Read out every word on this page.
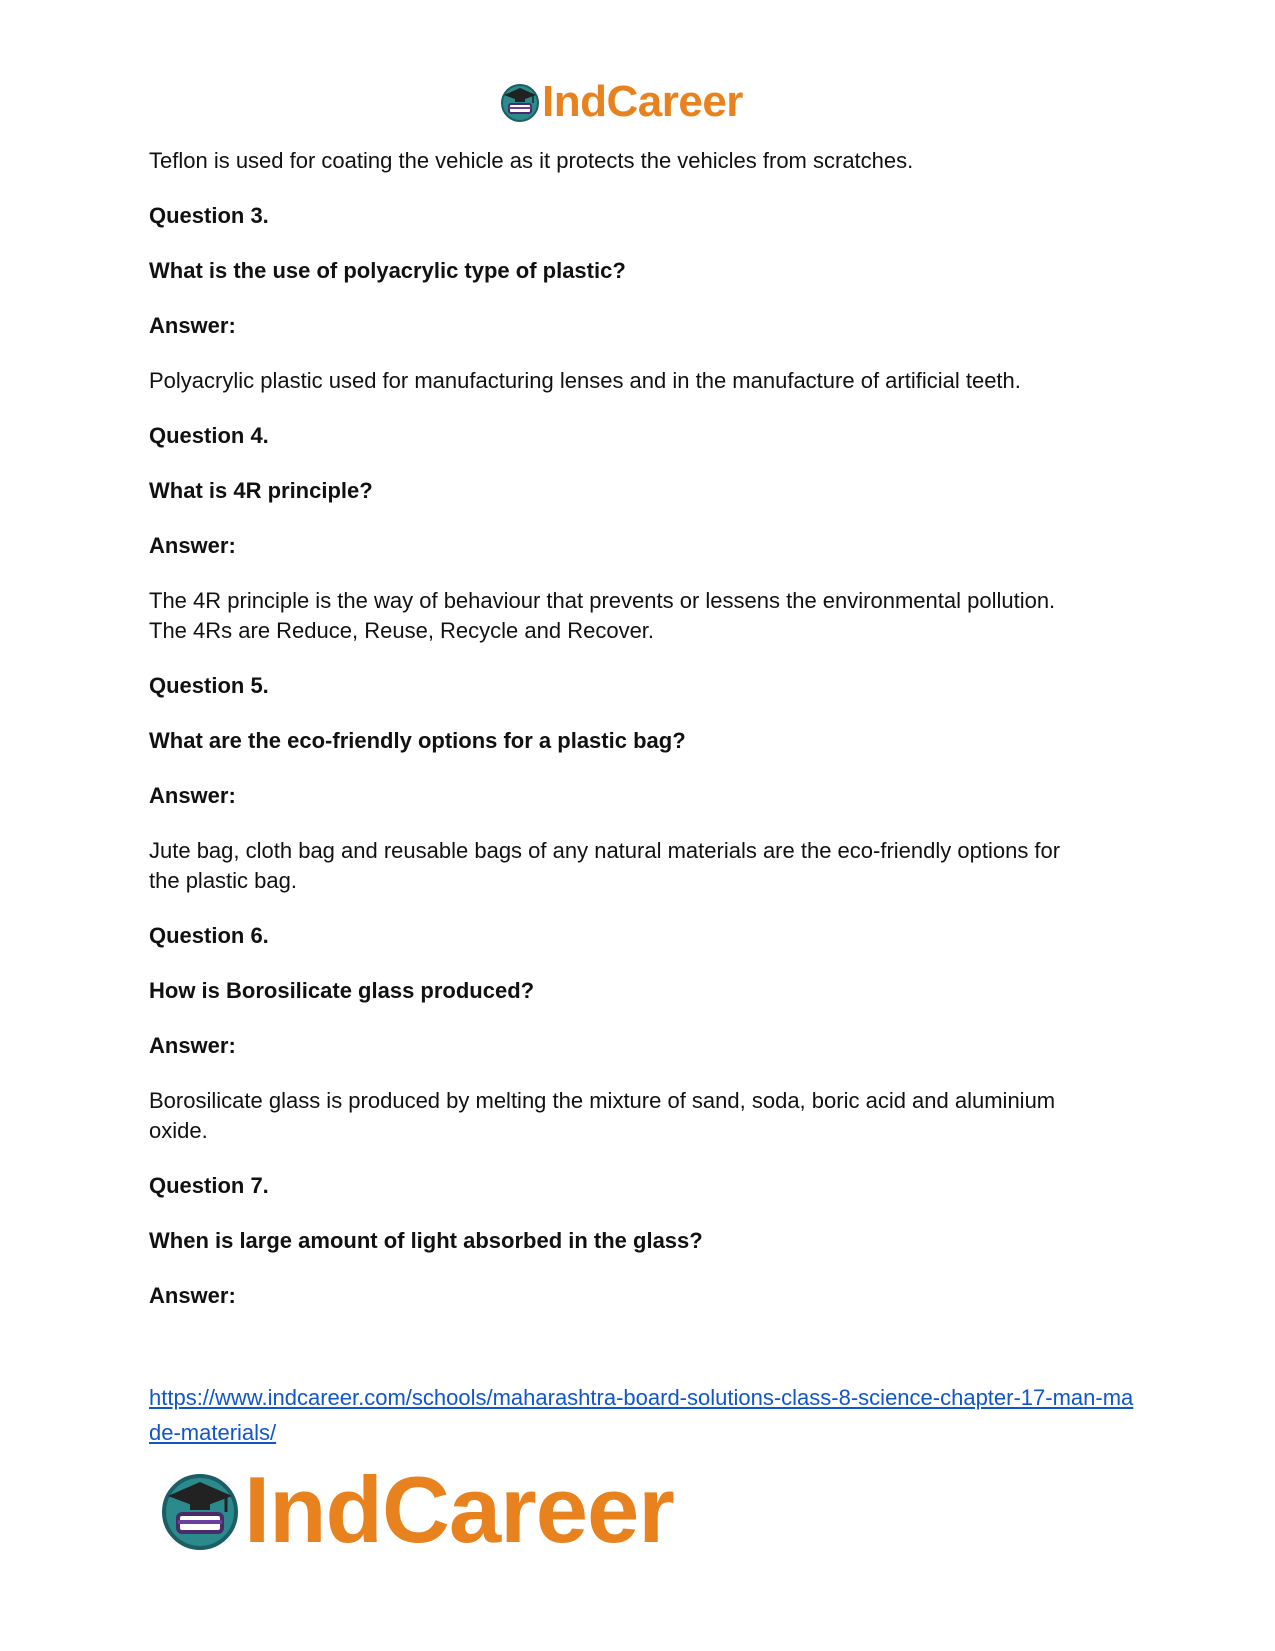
IndCareer

Teflon is used for coating the vehicle as it protects the vehicles from scratches.

Question 3.

What is the use of polyacrylic type of plastic?

Answer:

Polyacrylic plastic used for manufacturing lenses and in the manufacture of artificial teeth.

Question 4.

What is 4R principle?

Answer:

The 4R principle is the way of behaviour that prevents or lessens the environmental pollution.

The 4Rs are Reduce, Reuse, Recycle and Recover.

Question 5.

What are the eco-friendly options for a plastic bag?

Answer:

Jute bag, cloth bag and reusable bags of any natural materials are the eco-friendly options for

the plastic bag.

Question 6.

How is Borosilicate glass produced?

Answer:

Borosilicate glass is produced by melting the mixture of sand, soda, boric acid and aluminium

oxide.

Question 7.

When is large amount of light absorbed in the glass?

Answer:

https://www.indcareer.com/schools/maharashtra-board-solutions-class-8-science-chapter-17-man-made-materials/
IndCareer
